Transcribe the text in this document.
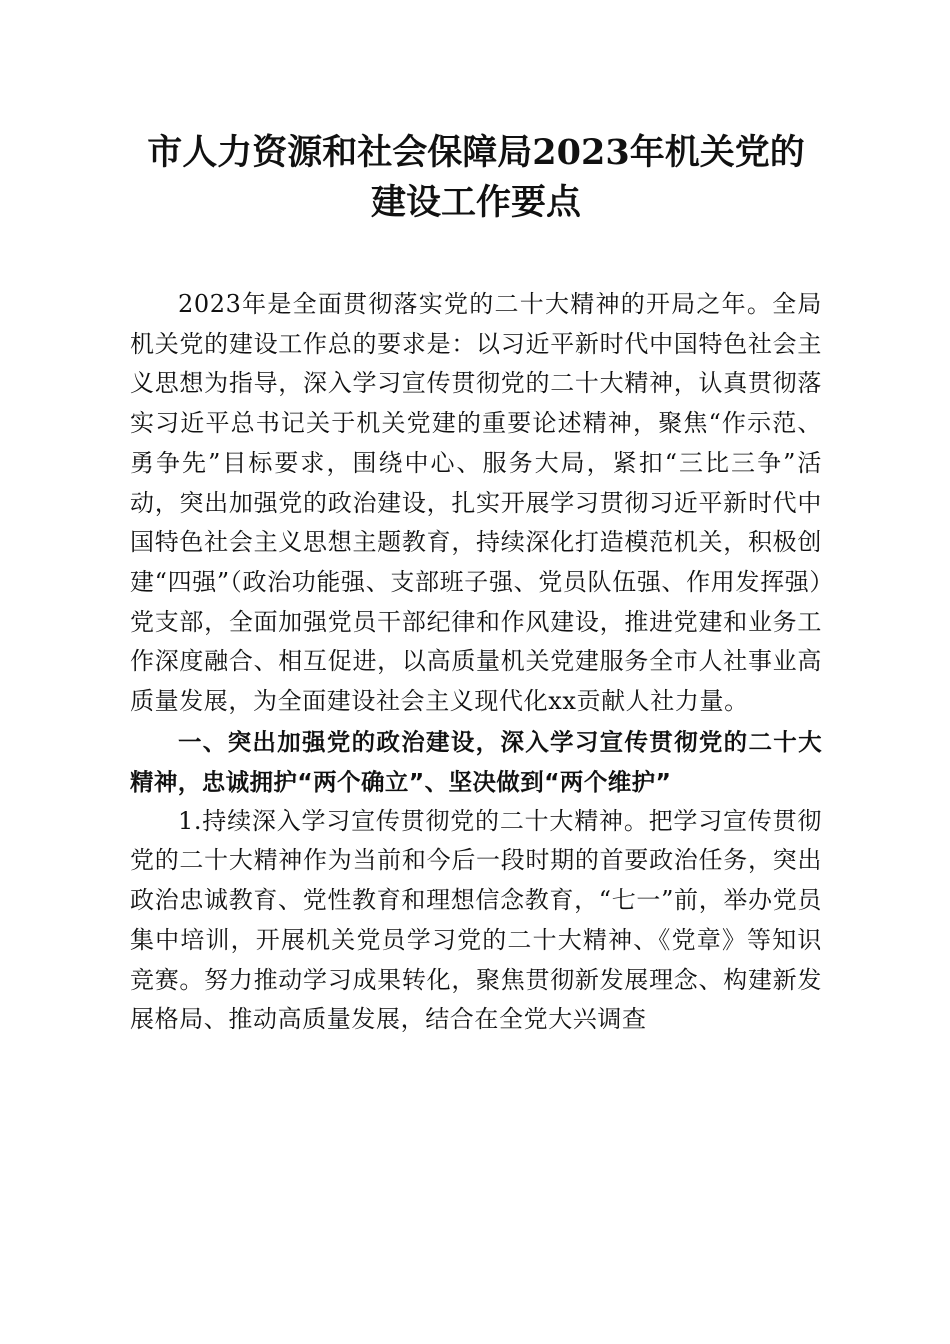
市人力资源和社会保障局2023年机关党的建设工作要点

2023年是全面贯彻落实党的二十大精神的开局之年。全局机关党的建设工作总的要求是：以习近平新时代中国特色社会主义思想为指导，深入学习宣传贯彻党的二十大精神，认真贯彻落实习近平总书记关于机关党建的重要论述精神，聚焦“作示范、勇争先”目标要求，围绕中心、服务大局，紧扣“三比三争”活动，突出加强党的政治建设，扎实开展学习贯彻习近平新时代中国特色社会主义思想主题教育，持续深化打造模范机关，积极创建“四强”（政治功能强、支部班子强、党员队伍强、作用发挥强）党支部，全面加强党员干部纪律和作风建设，推进党建和业务工作深度融合、相互促进，以高质量机关党建服务全市人社事业高质量发展，为全面建设社会主义现代化xx贡献人社力量。

一、突出加强党的政治建设，深入学习宣传贯彻党的二十大精神，忠诚拥护“两个确立”、坚决做到“两个维护”

1.持续深入学习宣传贯彻党的二十大精神。把学习宣传贯彻党的二十大精神作为当前和今后一段时期的首要政治任务，突出政治忠诚教育、党性教育和理想信念教育，“七一”前，举办党员集中培训，开展机关党员学习党的二十大精神、《党章》等知识竞赛。努力推动学习成果转化，聚焦贯彻新发展理念、构建新发展格局、推动高质量发展，结合在全党大兴调查
